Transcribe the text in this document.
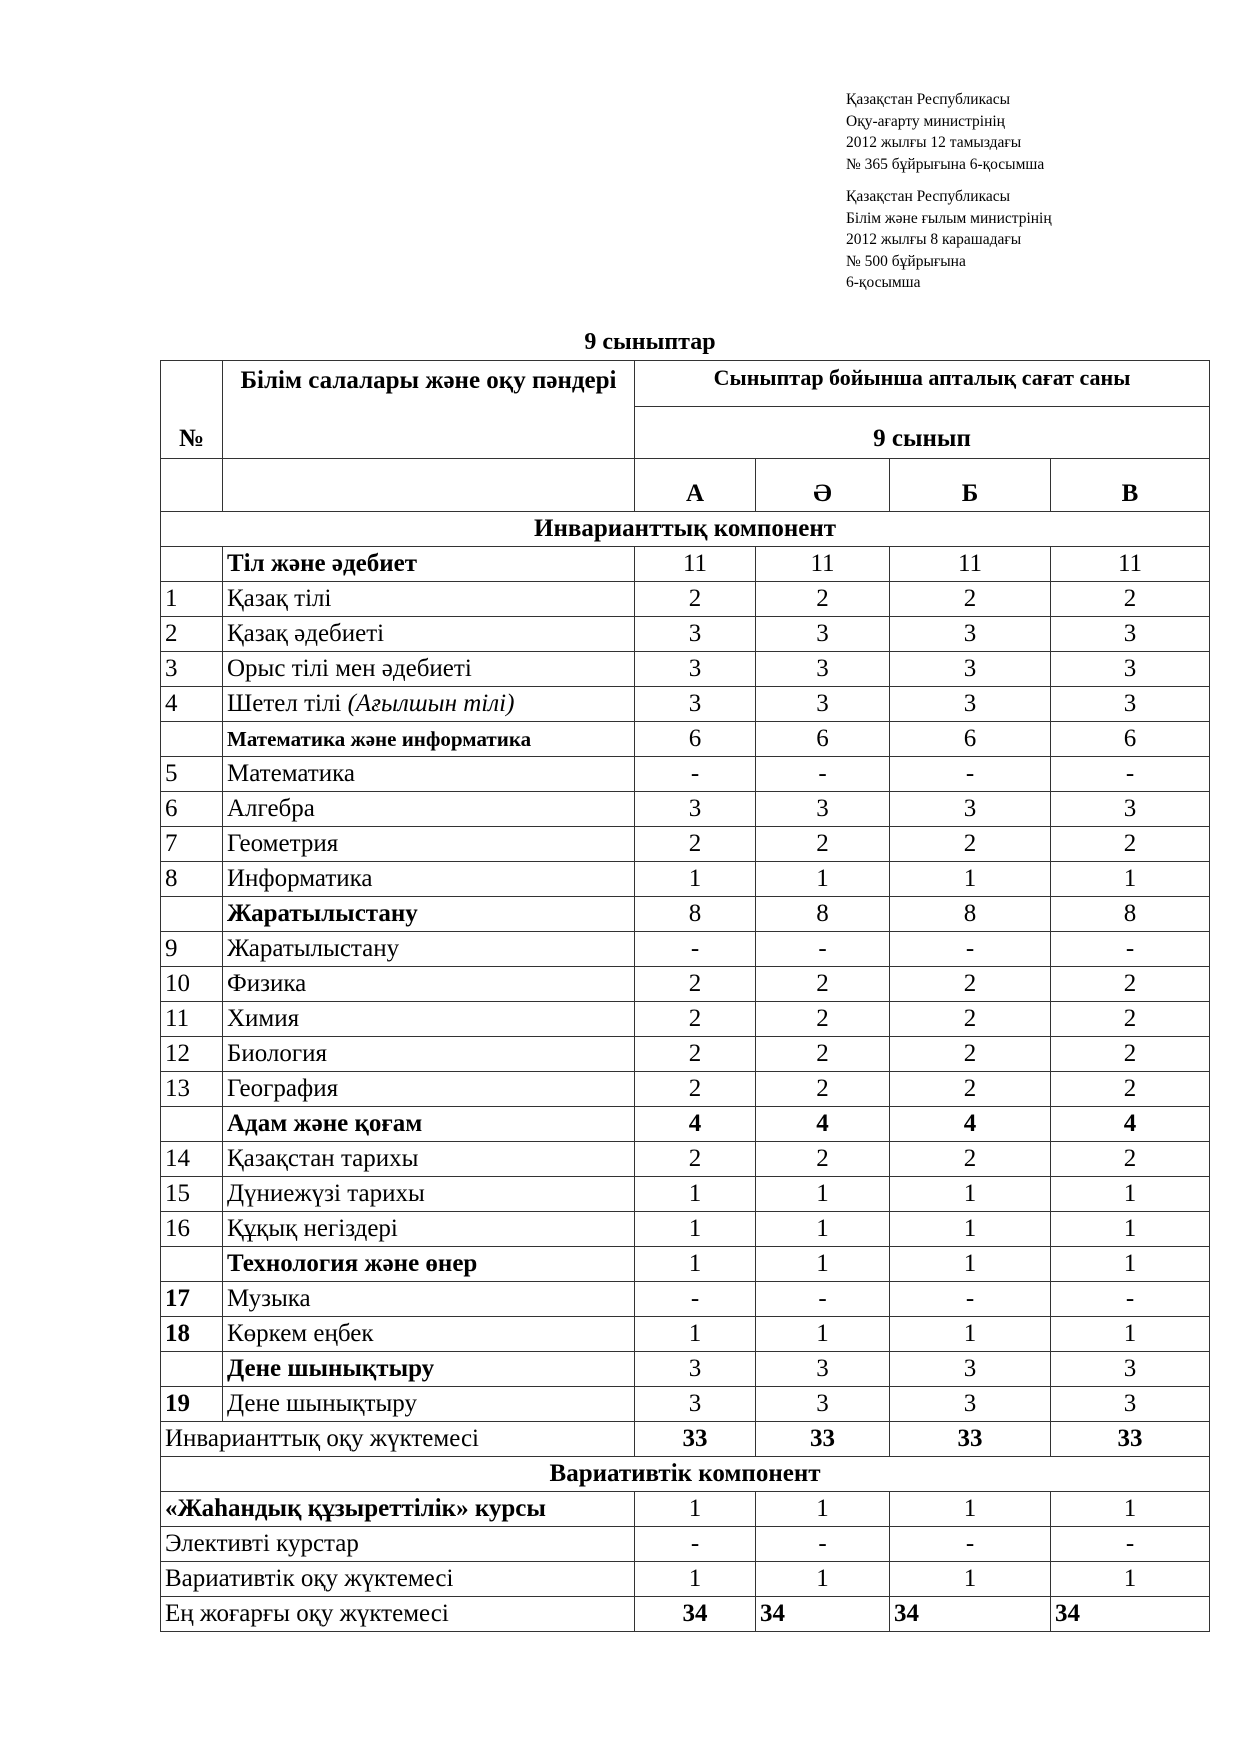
Қазақстан Республикасы
Оқу-ағарту министрінің
2012 жылғы 12 тамыздағы
№ 365 бұйрығына 6-қосымша
Қазақстан Республикасы
Білім және ғылым министрінің
2012 жылғы 8 карашадағы
№ 500 бұйрығына
6-қосымша
9 сыныптар
№	Білім салалары және оқу пәндері	Сыныптар бойынша апталық сағат саны			
		9 сынып			
		А	Ә	Б	В
Инварианттық компонент					
	Тіл және әдебиет	11	11	11	11
1	Қазақ тілі	2	2	2	2
2	Қазақ әдебиеті	3	3	3	3
3	Орыс тілі мен әдебиеті	3	3	3	3
4	Шетел тілі (Ағылшын тілі)	3	3	3	3
	Математика және информатика	6	6	6	6
5	Математика	-	-	-	-
6	Алгебра	3	3	3	3
7	Геометрия	2	2	2	2
8	Информатика	1	1	1	1
	Жаратылыстану	8	8	8	8
9	Жаратылыстану	-	-	-	-
10	Физика	2	2	2	2
11	Химия	2	2	2	2
12	Биология	2	2	2	2
13	География	2	2	2	2
	Адам және қоғам	4	4	4	4
14	Қазақстан тарихы	2	2	2	2
15	Дүниежүзі тарихы	1	1	1	1
16	Құқық негіздері	1	1	1	1
	Технология және өнер	1	1	1	1
17	Музыка	-	-	-	-
18	Көркем еңбек	1	1	1	1
	Дене шынықтыру	3	3	3	3
19	Дене шынықтыру	3	3	3	3
Инварианттық оқу жүктемесі		33	33	33	33
Вариативтік компонент					
«Жаһандық құзыреттілік» курсы		1	1	1	1
Элективті курстар		-	-	-	-
Вариативтік оқу жүктемесі		1	1	1	1
Ең жоғарғы оқу жүктемесі		34	34	34	34
